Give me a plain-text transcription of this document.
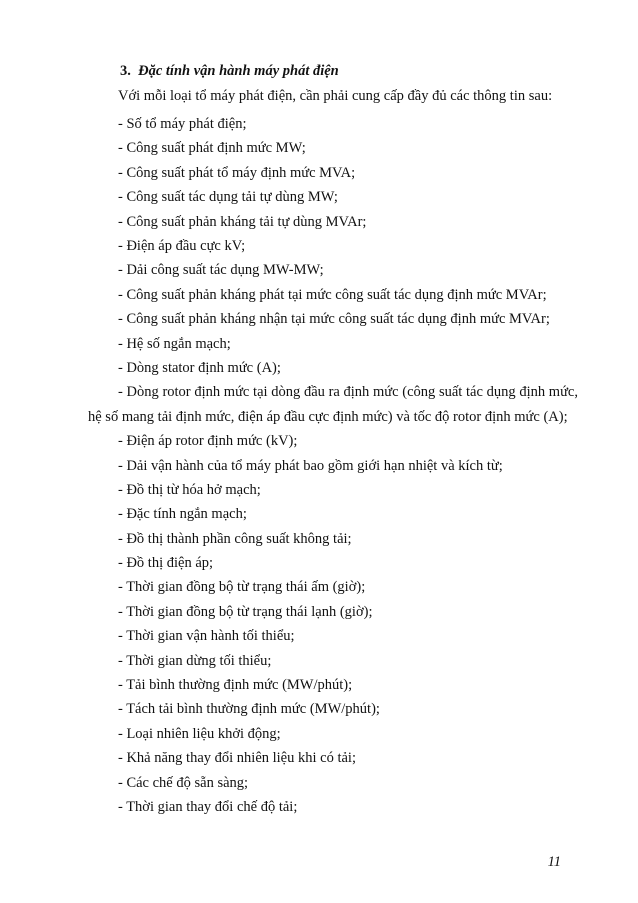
3. Đặc tính vận hành máy phát điện
Với mỗi loại tổ máy phát điện, cần phải cung cấp đầy đủ các thông tin sau:
- Số tổ máy phát điện;
- Công suất phát định mức MW;
- Công suất phát tổ máy định mức MVA;
- Công suất tác dụng tải tự dùng MW;
- Công suất phản kháng tải tự dùng MVAr;
- Điện áp đầu cực kV;
- Dải công suất tác dụng MW-MW;
- Công suất phản kháng phát tại mức công suất tác dụng định mức MVAr;
- Công suất phản kháng nhận tại mức công suất tác dụng định mức MVAr;
- Hệ số ngắn mạch;
- Dòng stator định mức (A);
- Dòng rotor định mức tại dòng đầu ra định mức (công suất tác dụng định mức, hệ số mang tải định mức, điện áp đầu cực định mức) và tốc độ rotor định mức (A);
- Điện áp rotor định mức (kV);
- Dải vận hành của tổ máy phát bao gồm giới hạn nhiệt và kích từ;
- Đồ thị từ hóa hở mạch;
- Đặc tính ngắn mạch;
- Đồ thị thành phần công suất không tải;
- Đồ thị điện áp;
- Thời gian đồng bộ từ trạng thái ấm (giờ);
- Thời gian đồng bộ từ trạng thái lạnh (giờ);
- Thời gian vận hành tối thiểu;
- Thời gian dừng tối thiểu;
- Tải bình thường định mức (MW/phút);
- Tách tải bình thường định mức (MW/phút);
- Loại nhiên liệu khởi động;
- Khả năng thay đổi nhiên liệu khi có tải;
- Các chế độ sẵn sàng;
- Thời gian thay đổi chế độ tải;
11
